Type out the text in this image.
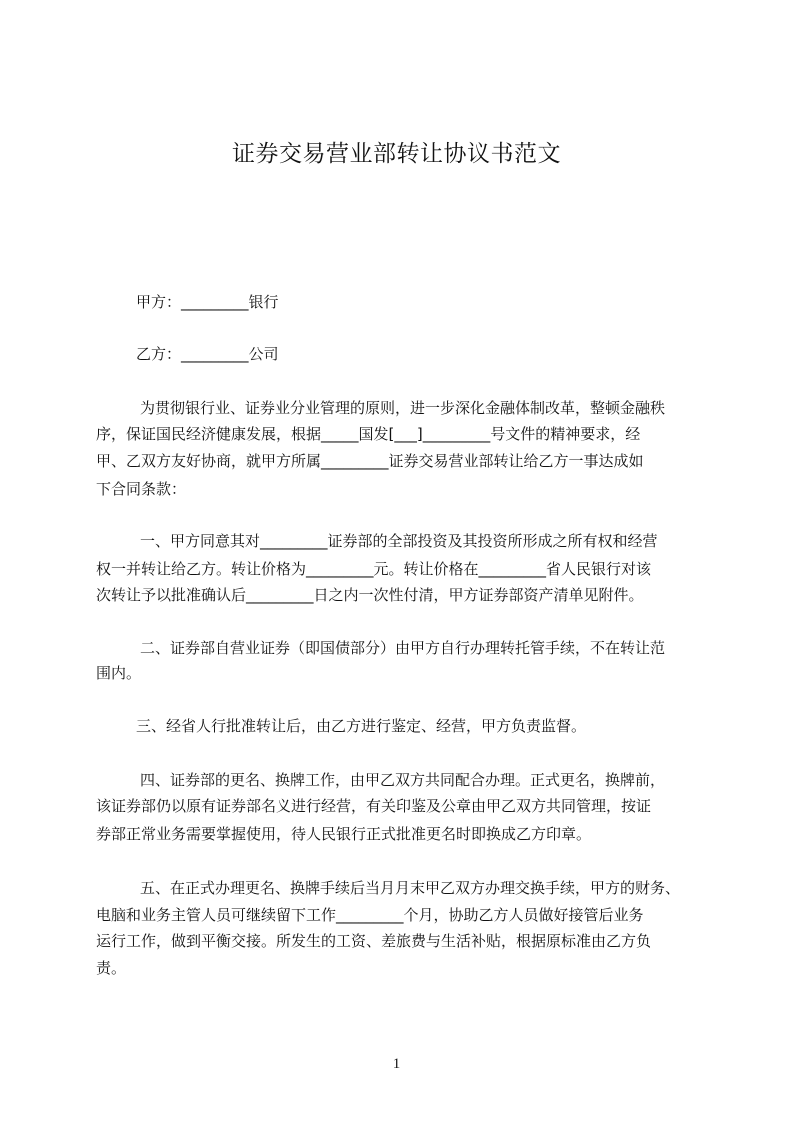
证券交易营业部转让协议书范文
甲方：_________银行
乙方：_________公司
为贯彻银行业、证券业分业管理的原则，进一步深化金融体制改革，整顿金融秩
序，保证国民经济健康发展，根据_____国发[___]_________号文件的精神要求，经
甲、乙双方友好协商，就甲方所属_________证券交易营业部转让给乙方一事达成如
下合同条款：
一、甲方同意其对_________证券部的全部投资及其投资所形成之所有权和经营
权一并转让给乙方。转让价格为_________元。转让价格在_________省人民银行对该
次转让予以批准确认后_________日之内一次性付清，甲方证券部资产清单见附件。
二、证券部自营业证券（即国债部分）由甲方自行办理转托管手续，不在转让范
围内。
三、经省人行批准转让后，由乙方进行鉴定、经营，甲方负责监督。
四、证券部的更名、换牌工作，由甲乙双方共同配合办理。正式更名，换牌前，
该证券部仍以原有证券部名义进行经营，有关印鉴及公章由甲乙双方共同管理，按证
券部正常业务需要掌握使用，待人民银行正式批准更名时即换成乙方印章。
五、在正式办理更名、换牌手续后当月月末甲乙双方办理交换手续，甲方的财务、
电脑和业务主管人员可继续留下工作_________个月，协助乙方人员做好接管后业务
运行工作，做到平衡交接。所发生的工资、差旅费与生活补贴，根据原标准由乙方负
责。
1
